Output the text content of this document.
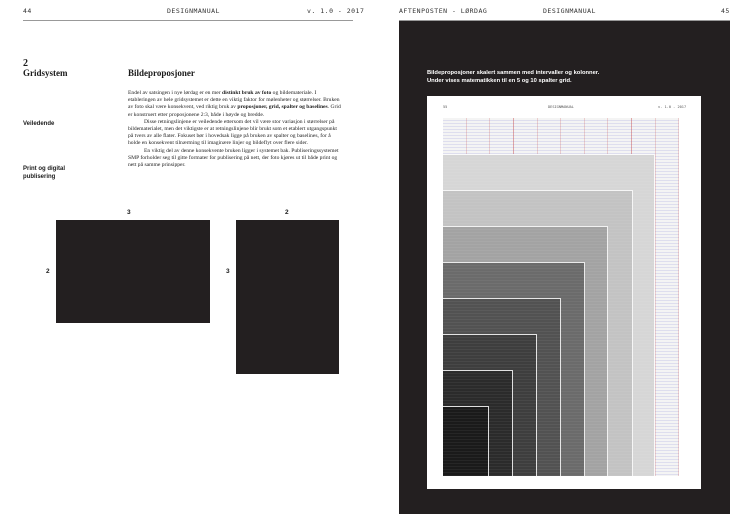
44	DESIGNMANUAL	v. 1.0 - 2017
2
Gridsystem	Bildeproposjoner
Veiledende
Print og digital publisering

Endel av satsingen i nye lørdag er en mer distinkt bruk av foto og bildemateriale. I etableringen av hele gridsystemet er dette en viktig faktor for mølenheter og størrelser. Bruken av foto skal være konsekvent, ved riktig bruk av proposjoner, grid, spalter og baselines. Grid er konstruert etter proposjonene 2:3, både i høyde og bredde.

Disse retningslinjene er veiledende ettersom det vil være stor variasjon i størrelser på bildematerialet, men det viktigste er at retningslinjene blir brukt som et etablert utgangspunkt på tvers av alle flater. Fokuset bør i hovedsak ligge på bruken av spalter og baselines, for å holde en konsekvent tilnærming til imaginære linjer og bildeflyt over flere sider.

En viktig del av denne konsekvente bruken ligger i systemet bak. Publiseringssystemet SMP forholder seg til gitte formater for publisering på nett, der foto kjøres ut til både print og nett på samme prinsipper.

3
2
2
3
AFTENPOSTEN - LØRDAG	DESIGNMANUAL	45
Bildeproposjoner skalert sammen med intervaller og kolonner.
Under vises matematikken til en 5 og 10 spalter grid.
55	DESIGNMANUAL	v. 1.0 - 2017
